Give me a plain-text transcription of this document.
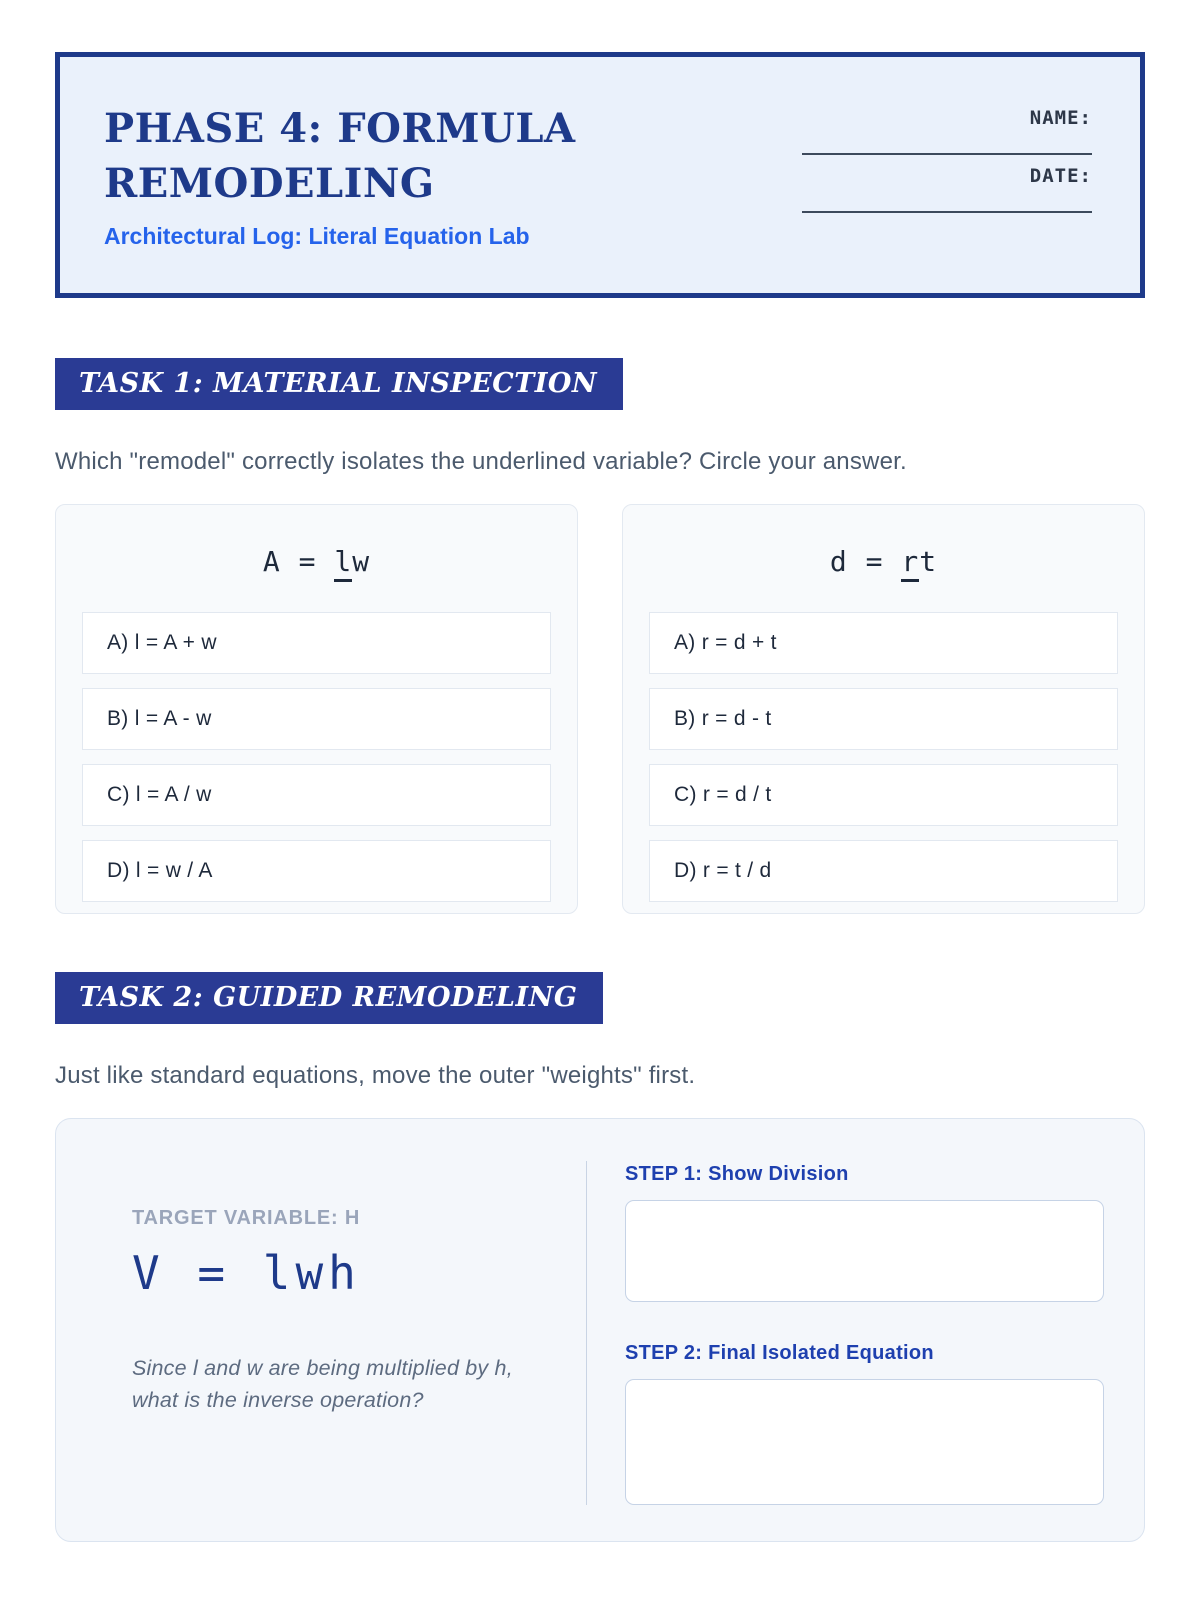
PHASE 4: FORMULA REMODELING
Architectural Log: Literal Equation Lab
NAME:
DATE:
TASK 1: MATERIAL INSPECTION

Which "remodel" correctly isolates the underlined variable? Circle your answer.

A = lw
A) l = A + w
B) l = A - w
C) l = A / w
D) l = w / A
d = rt
A) r = d + t
B) r = d - t
C) r = d / t
D) r = t / d
TASK 2: GUIDED REMODELING

Just like standard equations, move the outer "weights" first.

TARGET VARIABLE: H
V = lwh
Since l and w are being multiplied by h, what is the inverse operation?
STEP 1: Show Division
STEP 2: Final Isolated Equation
